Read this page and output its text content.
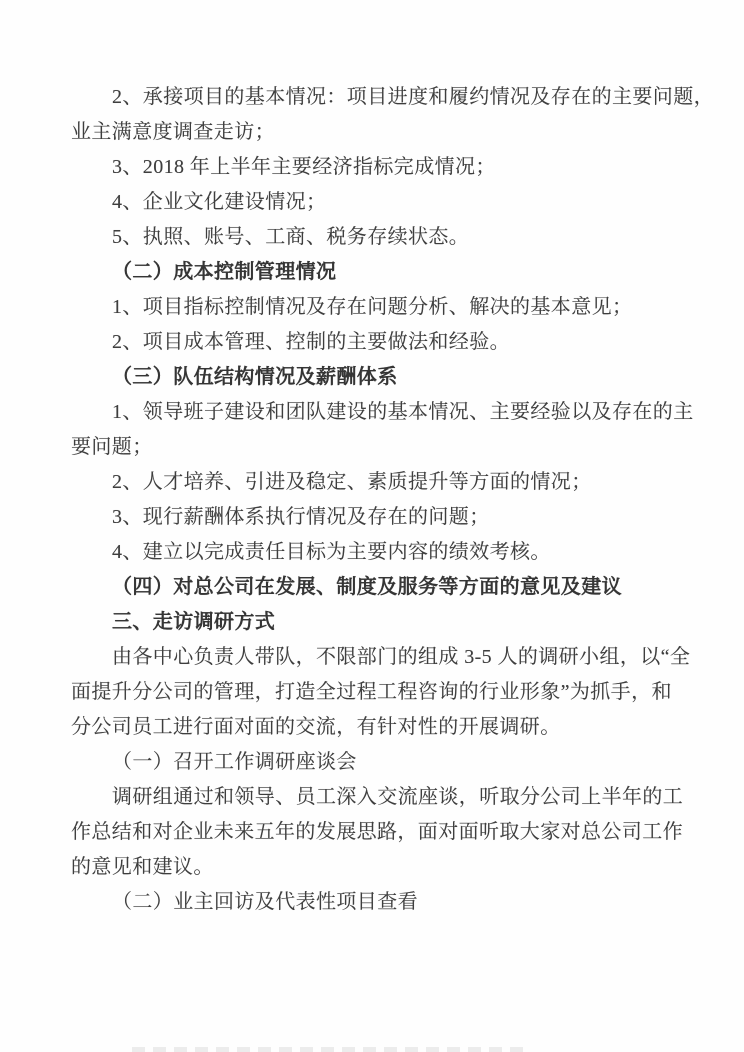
2、承接项目的基本情况：项目进度和履约情况及存在的主要问题，
业主满意度调查走访；
3、2018 年上半年主要经济指标完成情况；
4、企业文化建设情况；
5、执照、账号、工商、税务存续状态。
（二）成本控制管理情况
1、项目指标控制情况及存在问题分析、解决的基本意见；
2、项目成本管理、控制的主要做法和经验。
（三）队伍结构情况及薪酬体系
1、领导班子建设和团队建设的基本情况、主要经验以及存在的主
要问题；
2、人才培养、引进及稳定、素质提升等方面的情况；
3、现行薪酬体系执行情况及存在的问题；
4、建立以完成责任目标为主要内容的绩效考核。
（四）对总公司在发展、制度及服务等方面的意见及建议
三、走访调研方式
由各中心负责人带队，不限部门的组成 3-5 人的调研小组，以“全
面提升分公司的管理，打造全过程工程咨询的行业形象”为抓手，和
分公司员工进行面对面的交流，有针对性的开展调研。
（一）召开工作调研座谈会
调研组通过和领导、员工深入交流座谈，听取分公司上半年的工
作总结和对企业未来五年的发展思路，面对面听取大家对总公司工作
的意见和建议。
（二）业主回访及代表性项目查看
